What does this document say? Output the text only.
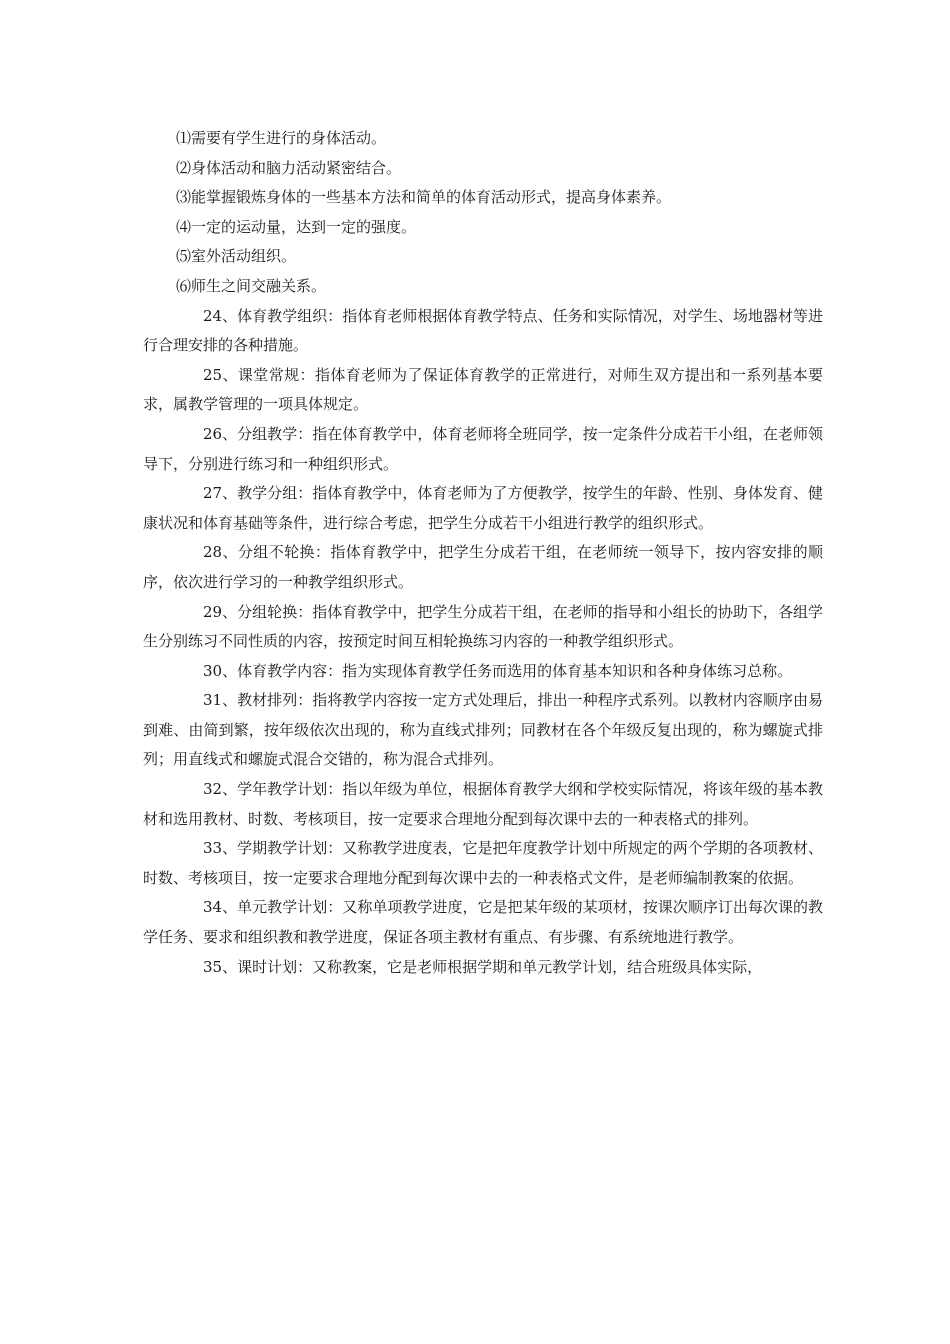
⑴需要有学生进行的身体活动。

⑵身体活动和脑力活动紧密结合。

⑶能掌握锻炼身体的一些基本方法和简单的体育活动形式，提高身体素养。

⑷一定的运动量，达到一定的强度。

⑸室外活动组织。

⑹师生之间交融关系。

24、体育教学组织：指体育老师根据体育教学特点、任务和实际情况，对学生、场地器材等进行合理安排的各种措施。

25、课堂常规：指体育老师为了保证体育教学的正常进行，对师生双方提出和一系列基本要求，属教学管理的一项具体规定。

26、分组教学：指在体育教学中，体育老师将全班同学，按一定条件分成若干小组，在老师领导下，分别进行练习和一种组织形式。

27、教学分组：指体育教学中，体育老师为了方便教学，按学生的年龄、性别、身体发育、健康状况和体育基础等条件，进行综合考虑，把学生分成若干小组进行教学的组织形式。

28、分组不轮换：指体育教学中，把学生分成若干组，在老师统一领导下，按内容安排的顺序，依次进行学习的一种教学组织形式。

29、分组轮换：指体育教学中，把学生分成若干组，在老师的指导和小组长的协助下，各组学生分别练习不同性质的内容，按预定时间互相轮换练习内容的一种教学组织形式。

30、体育教学内容：指为实现体育教学任务而选用的体育基本知识和各种身体练习总称。

31、教材排列：指将教学内容按一定方式处理后，排出一种程序式系列。以教材内容顺序由易到难、由简到繁，按年级依次出现的，称为直线式排列；同教材在各个年级反复出现的，称为螺旋式排列；用直线式和螺旋式混合交错的，称为混合式排列。

32、学年教学计划：指以年级为单位，根据体育教学大纲和学校实际情况，将该年级的基本教材和选用教材、时数、考核项目，按一定要求合理地分配到每次课中去的一种表格式的排列。

33、学期教学计划：又称教学进度表，它是把年度教学计划中所规定的两个学期的各项教材、时数、考核项目，按一定要求合理地分配到每次课中去的一种表格式文件，是老师编制教案的依据。

34、单元教学计划：又称单项教学进度，它是把某年级的某项材，按课次顺序订出每次课的教学任务、要求和组织教和教学进度，保证各项主教材有重点、有步骤、有系统地进行教学。

35、课时计划：又称教案，它是老师根据学期和单元教学计划，结合班级具体实际，
